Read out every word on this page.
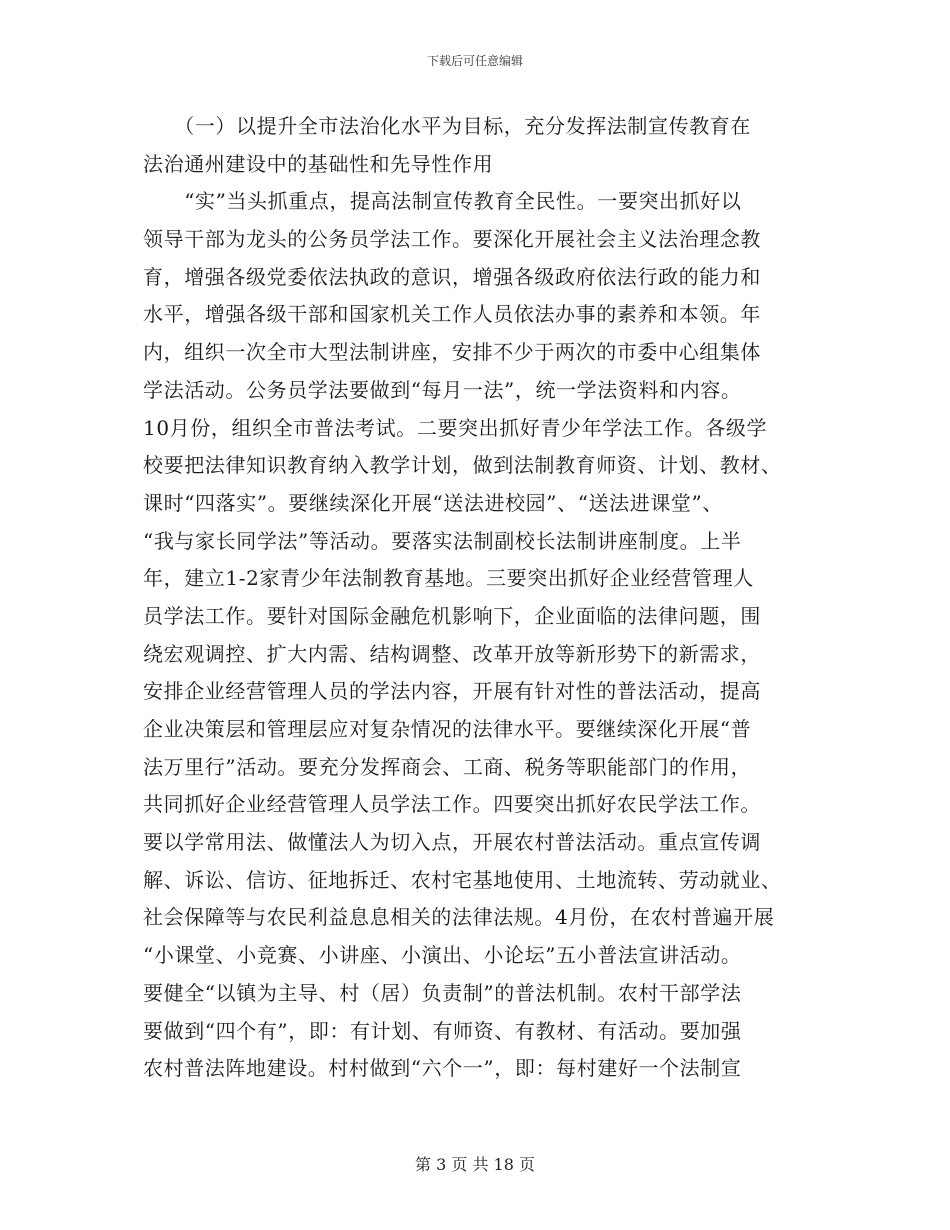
下载后可任意编辑
　　（一）以提升全市法治化水平为目标，充分发挥法制宣传教育在
法治通州建设中的基础性和先导性作用
　　“实”当头抓重点，提高法制宣传教育全民性。一要突出抓好以
领导干部为龙头的公务员学法工作。要深化开展社会主义法治理念教
育，增强各级党委依法执政的意识，增强各级政府依法行政的能力和
水平，增强各级干部和国家机关工作人员依法办事的素养和本领。年
内，组织一次全市大型法制讲座，安排不少于两次的市委中心组集体
学法活动。公务员学法要做到“每月一法”，统一学法资料和内容。
10月份，组织全市普法考试。二要突出抓好青少年学法工作。各级学
校要把法律知识教育纳入教学计划，做到法制教育师资、计划、教材、
课时“四落实”。要继续深化开展“送法进校园”、“送法进课堂”、
“我与家长同学法”等活动。要落实法制副校长法制讲座制度。上半
年，建立1-2家青少年法制教育基地。三要突出抓好企业经营管理人
员学法工作。要针对国际金融危机影响下，企业面临的法律问题，围
绕宏观调控、扩大内需、结构调整、改革开放等新形势下的新需求，
安排企业经营管理人员的学法内容，开展有针对性的普法活动，提高
企业决策层和管理层应对复杂情况的法律水平。要继续深化开展“普
法万里行”活动。要充分发挥商会、工商、税务等职能部门的作用，
共同抓好企业经营管理人员学法工作。四要突出抓好农民学法工作。
要以学常用法、做懂法人为切入点，开展农村普法活动。重点宣传调
解、诉讼、信访、征地拆迁、农村宅基地使用、土地流转、劳动就业、
社会保障等与农民利益息息相关的法律法规。4月份，在农村普遍开展
“小课堂、小竞赛、小讲座、小演出、小论坛”五小普法宣讲活动。
要健全“以镇为主导、村（居）负责制”的普法机制。农村干部学法
要做到“四个有”，即：有计划、有师资、有教材、有活动。要加强
农村普法阵地建设。村村做到“六个一”，即：每村建好一个法制宣
第 3 页 共 18 页
